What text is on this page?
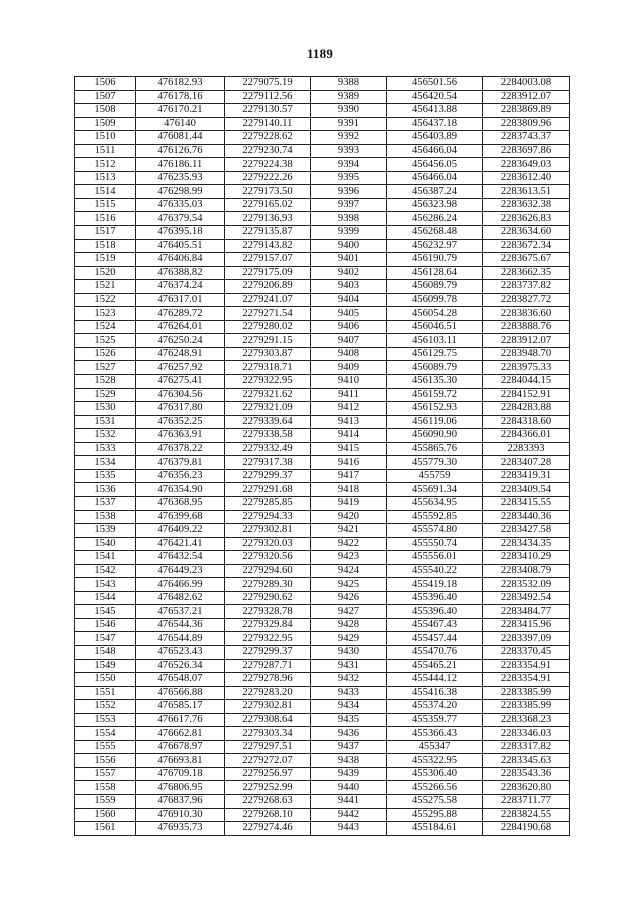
1189
1506	476182.93	2279075.19	9388	456501.56	2284003.08
1507	476178.16	2279112.56	9389	456420.54	2283912.07
1508	476170.21	2279130.57	9390	456413.88	2283869.89
1509	476140	2279140.11	9391	456437.18	2283809.96
1510	476081.44	2279228.62	9392	456403.89	2283743.37
1511	476126.76	2279230.74	9393	456466.04	2283697.86
1512	476186.11	2279224.38	9394	456456.05	2283649.03
1513	476235.93	2279222.26	9395	456466.04	2283612.40
1514	476298.99	2279173.50	9396	456387.24	2283613.51
1515	476335.03	2279165.02	9397	456323.98	2283632.38
1516	476379.54	2279136.93	9398	456286.24	2283626.83
1517	476395.18	2279135.87	9399	456268.48	2283634.60
1518	476405.51	2279143.82	9400	456232.97	2283672.34
1519	476406.84	2279157.07	9401	456190.79	2283675.67
1520	476388.82	2279175.09	9402	456128.64	2283662.35
1521	476374.24	2279206.89	9403	456089.79	2283737.82
1522	476317.01	2279241.07	9404	456099.78	2283827.72
1523	476289.72	2279271.54	9405	456054.28	2283836.60
1524	476264.01	2279280.02	9406	456046.51	2283888.76
1525	476250.24	2279291.15	9407	456103.11	2283912.07
1526	476248.91	2279303.87	9408	456129.75	2283948.70
1527	476257.92	2279318.71	9409	456089.79	2283975.33
1528	476275.41	2279322.95	9410	456135.30	2284044.15
1529	476304.56	2279321.62	9411	456159.72	2284152.91
1530	476317.80	2279321.09	9412	456152.93	2284283.88
1531	476352.25	2279339.64	9413	456119.06	2284318.60
1532	476363.91	2279338.58	9414	456090.90	2284366.01
1533	476378.22	2279332.49	9415	455865.76	2283393
1534	476379.81	2279317.38	9416	455779.30	2283407.28
1535	476356.23	2279299.37	9417	455759	2283419.31
1536	476354.90	2279291.68	9418	455691.34	2283409.54
1537	476368.95	2279285.85	9419	455634.95	2283415.55
1538	476399.68	2279294.33	9420	455592.85	2283440.36
1539	476409.22	2279302.81	9421	455574.80	2283427.58
1540	476421.41	2279320.03	9422	455550.74	2283434.35
1541	476432.54	2279320.56	9423	455556.01	2283410.29
1542	476449.23	2279294.60	9424	455540.22	2283408.79
1543	476466.99	2279289.30	9425	455419.18	2283532.09
1544	476482.62	2279290.62	9426	455396.40	2283492.54
1545	476537.21	2279328.78	9427	455396.40	2283484.77
1546	476544.36	2279329.84	9428	455467.43	2283415.96
1547	476544.89	2279322.95	9429	455457.44	2283397.09
1548	476523.43	2279299.37	9430	455470.76	2283370.45
1549	476526.34	2279287.71	9431	455465.21	2283354.91
1550	476548.07	2279278.96	9432	455444.12	2283354.91
1551	476566.88	2279283.20	9433	455416.38	2283385.99
1552	476585.17	2279302.81	9434	455374.20	2283385.99
1553	476617.76	2279308.64	9435	455359.77	2283368.23
1554	476662.81	2279303.34	9436	455366.43	2283346.03
1555	476678.97	2279297.51	9437	455347	2283317.82
1556	476693.81	2279272.07	9438	455322.95	2283345.63
1557	476709.18	2279256.97	9439	455306.40	2283543.36
1558	476806.95	2279252.99	9440	455266.56	2283620.80
1559	476837.96	2279268.63	9441	455275.58	2283711.77
1560	476910.30	2279268.10	9442	455295.88	2283824.55
1561	476935.73	2279274.46	9443	455184.61	2284190.68
